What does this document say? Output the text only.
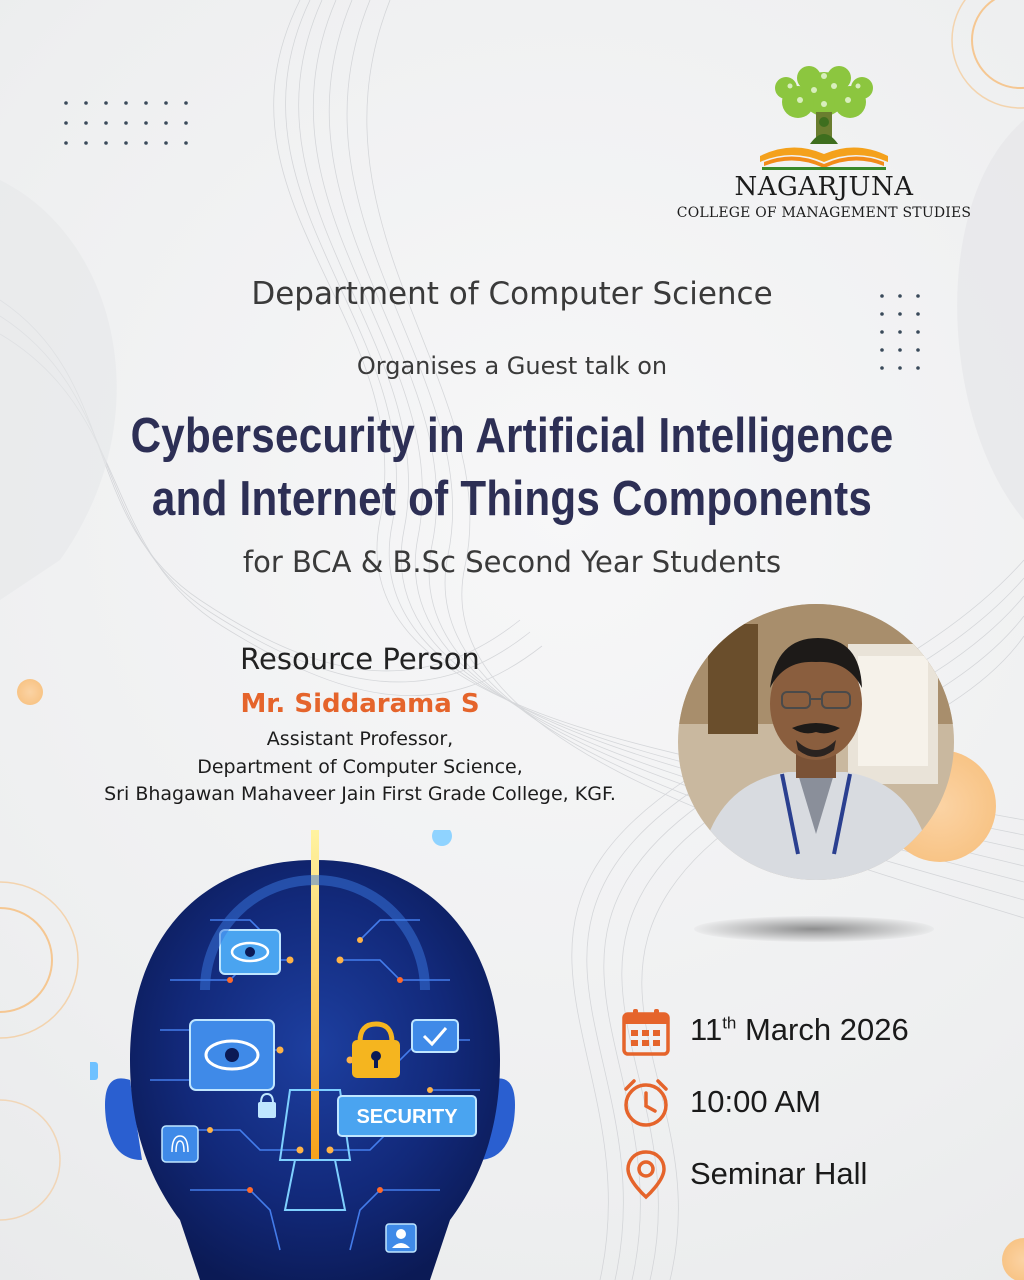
NAGARJUNA
COLLEGE OF MANAGEMENT STUDIES
Department of Computer Science
Organises a Guest talk on
Cybersecurity in Artificial Intelligence
and Internet of Things Components
for BCA & B.Sc Second Year Students
Resource Person
Mr. Siddarama S
Assistant Professor,
Department of Computer Science,
Sri Bhagawan Mahaveer Jain First Grade College, KGF.
11th March 2026
10:00 AM
Seminar Hall
SECURITY
